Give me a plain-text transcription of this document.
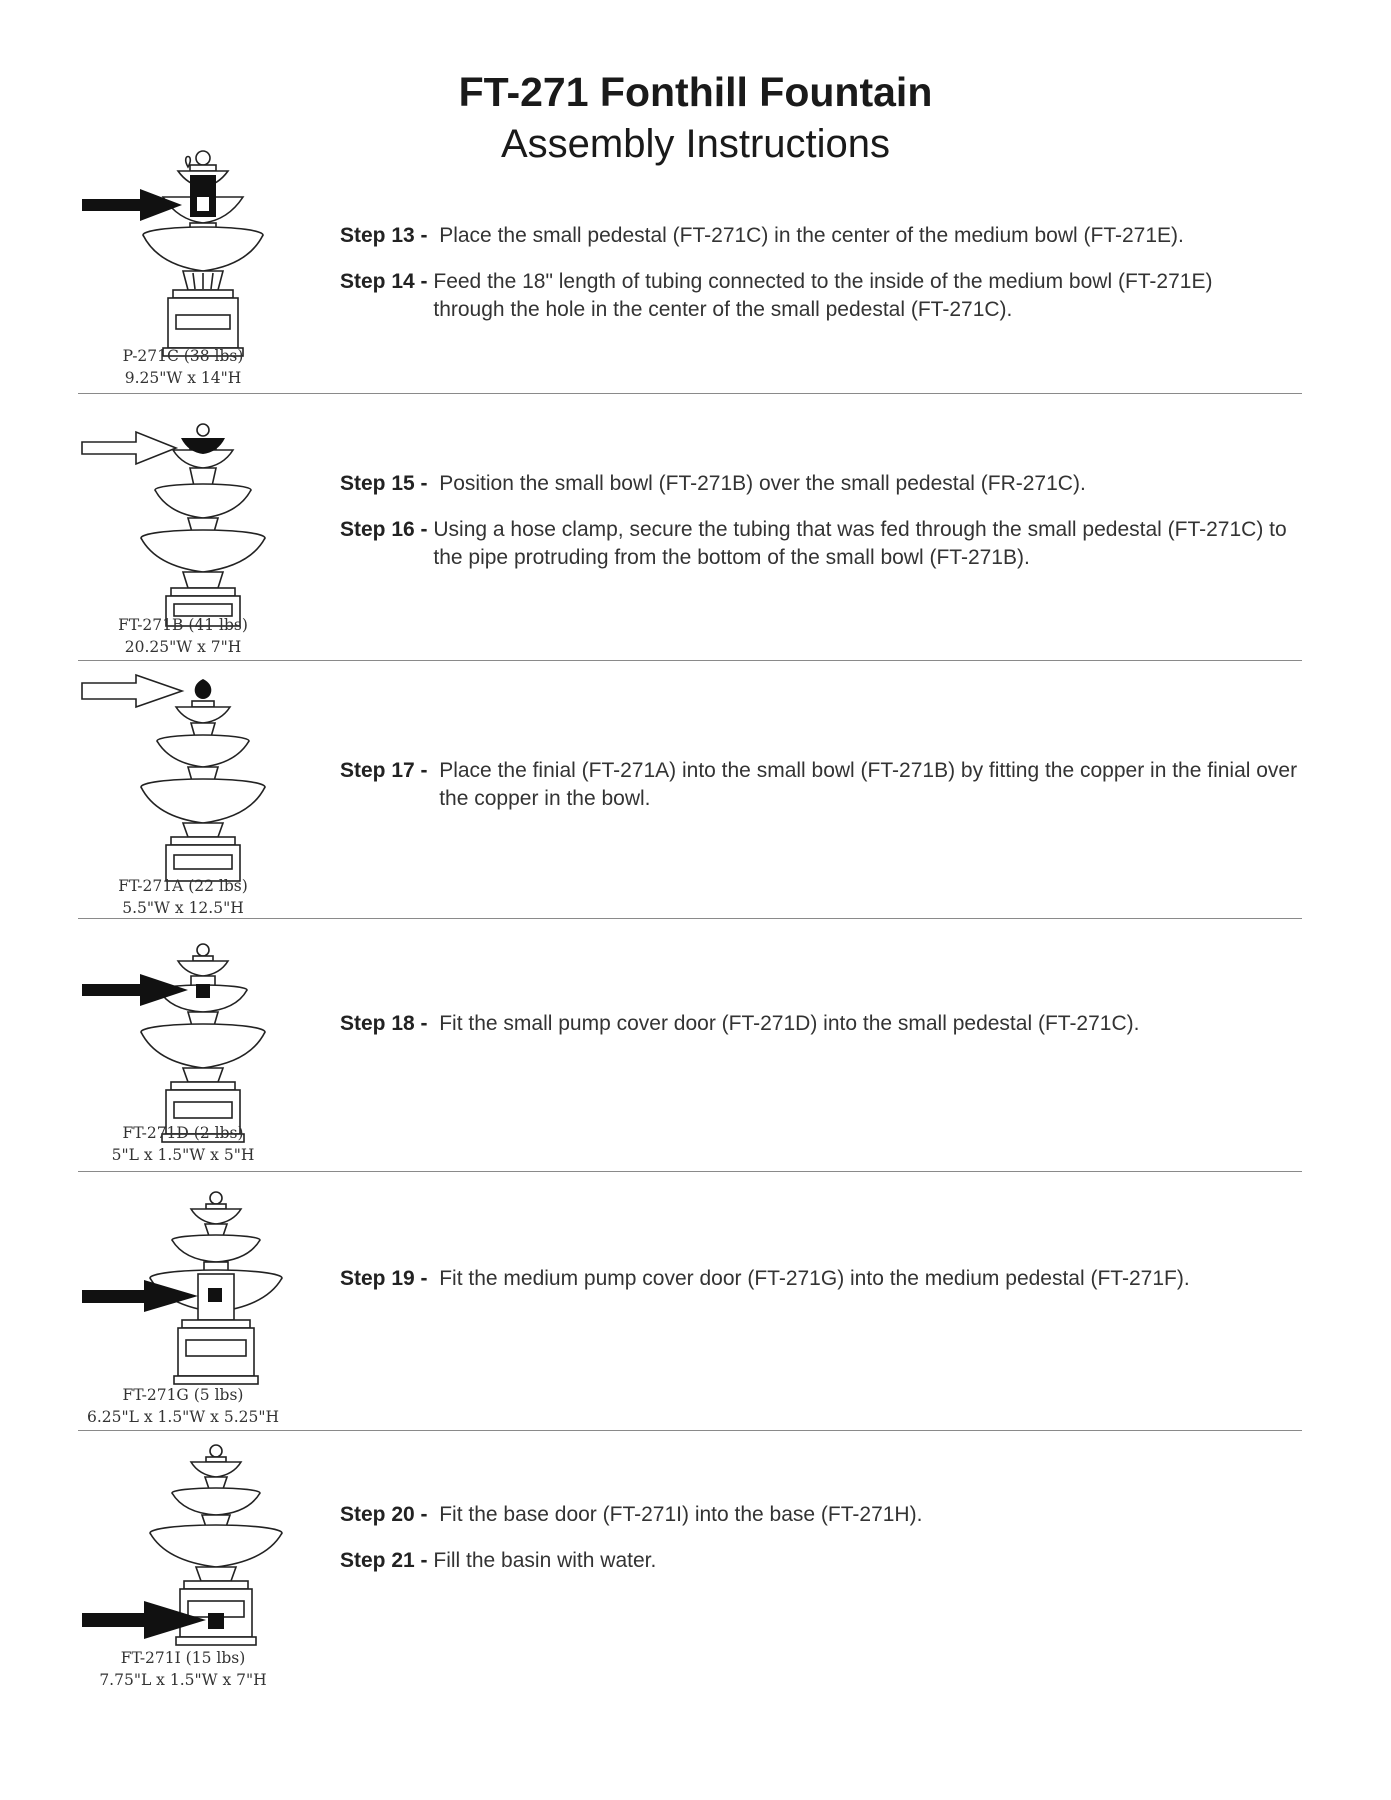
FT-271 Fonthill Fountain
Assembly Instructions
P-271C (38 lbs)
9.25"W x 14"H
Step 13 - Place the small pedestal (FT-271C) in the center of the medium bowl (FT-271E).
Step 14 - Feed the 18" length of tubing connected to the inside of the medium bowl (FT-271E) through the hole in the center of the small pedestal (FT-271C).
FT-271B (41 lbs)
20.25"W x 7"H
Step 15 - Position the small bowl (FT-271B) over the small pedestal (FR-271C).
Step 16 - Using a hose clamp, secure the tubing that was fed through the small pedestal (FT-271C) to the pipe protruding from the bottom of the small bowl (FT-271B).
FT-271A (22 lbs)
5.5"W x 12.5"H
Step 17 - Place the finial (FT-271A) into the small bowl (FT-271B) by fitting the copper in the finial over the copper in the bowl.
FT-271D (2 lbs)
5"L x 1.5"W x 5"H
Step 18 - Fit the small pump cover door (FT-271D) into the small pedestal (FT-271C).
FT-271G (5 lbs)
6.25"L x 1.5"W x 5.25"H
Step 19 - Fit the medium pump cover door (FT-271G) into the medium pedestal (FT-271F).
FT-271I (15 lbs)
7.75"L x 1.5"W x 7"H
Step 20 - Fit the base door (FT-271I) into the base (FT-271H).
Step 21 - Fill the basin with water.
